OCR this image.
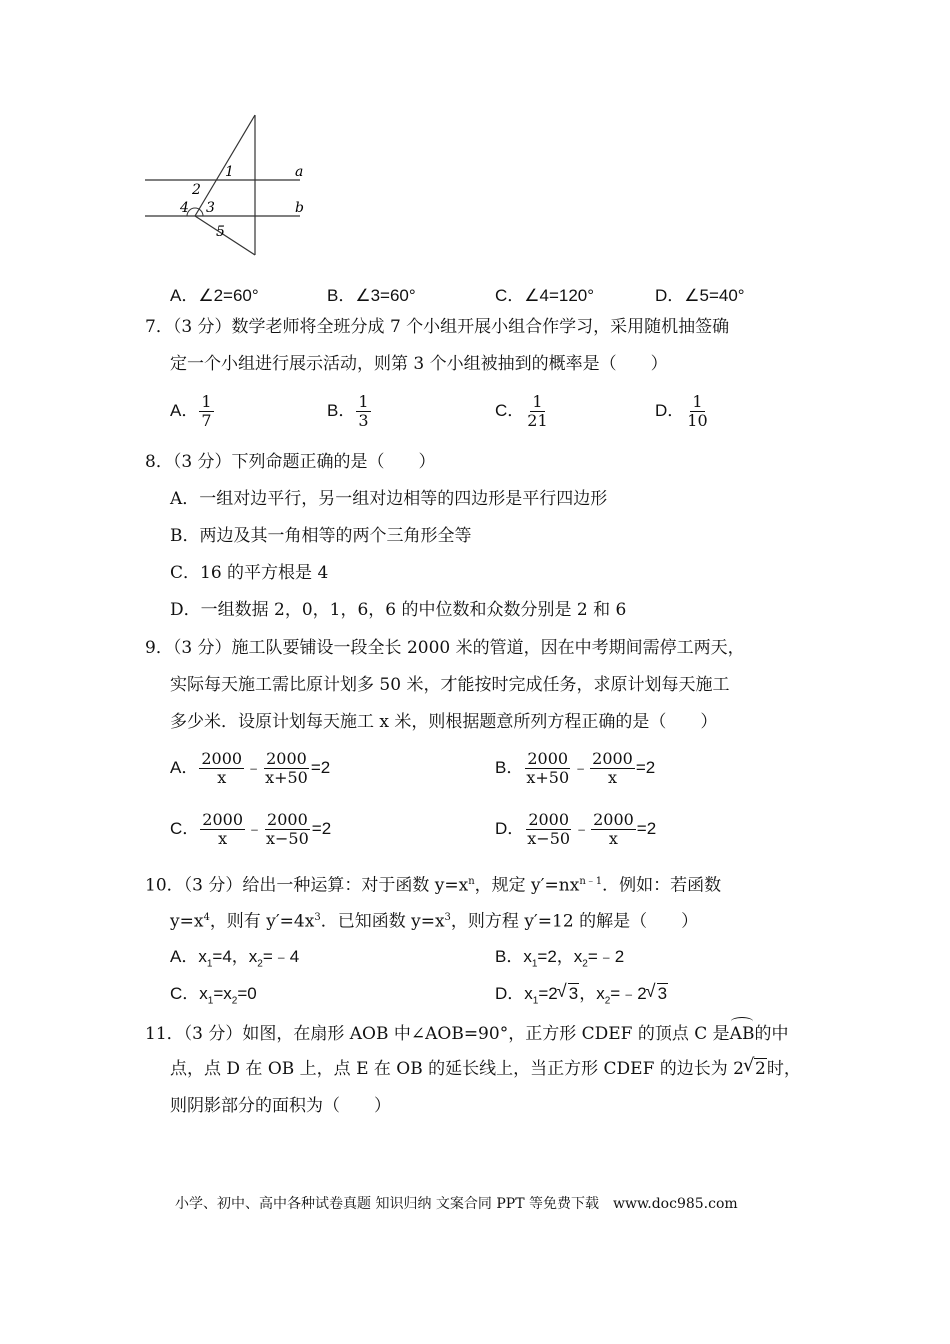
1
2
3
4
5
a
b
A．∠2=60°	B．∠3=60°	C．∠4=120°	D．∠5=40°
7．（3 分）数学老师将全班分成 7 个小组开展小组合作学习，采用随机抽签确
定一个小组进行展示活动，则第 3 个小组被抽到的概率是（　　）
A． $\frac{1}{7}$	B． $\frac{1}{3}$	C． $\frac{1}{21}$	D． $\frac{1}{10}$
8．（3 分）下列命题正确的是（　　）
A．一组对边平行，另一组对边相等的四边形是平行四边形
B．两边及其一角相等的两个三角形全等
C．16 的平方根是 4
D．一组数据 2，0，1，6，6 的中位数和众数分别是 2 和 6
9．（3 分）施工队要铺设一段全长 2000 米的管道，因在中考期间需停工两天，
实际每天施工需比原计划多 50 米，才能按时完成任务，求原计划每天施工
多少米．设原计划每天施工 x 米，则根据题意所列方程正确的是（　　）
A． $\frac{2000}{x}$ ﹣ $\frac{2000}{x+50} =2$	B． $\frac{2000}{x+50}$ ﹣ $\frac{2000}{x} =2$
C． $\frac{2000}{x}$ ﹣ $\frac{2000}{x-50} =2$	D． $\frac{2000}{x-50}$ ﹣ $\frac{2000}{x} =2$
10．（3 分）给出一种运算：对于函数 $y=x^n$，规定 $y'=nx^{n﹣1}$．例如：若函数
$y=x^4$，则有 $y'=4x^3$．已知函数 $y=x^3$，则方程 y′=12 的解是（　　）
A．$x_1=4$，$x_2=﹣4$	B．$x_1=2$，$x_2=﹣2$
C．$x_1=x_2=0$	D．$x_1=2√$ 3，$x_2=﹣2√$ 3
11．（3 分）如图，在扇形 AOB 中∠AOB=90°，正方形 CDEF 的顶点 C 是AB的中
点，点 D 在 OB 上，点 E 在 OB 的延长线上，当正方形 CDEF 的边长为 2√ 2时，
则阴影部分的面积为（　　）
小学、初中、高中各种试卷真题 知识归纳 文案合同 PPT 等免费下载　www.doc985.com
